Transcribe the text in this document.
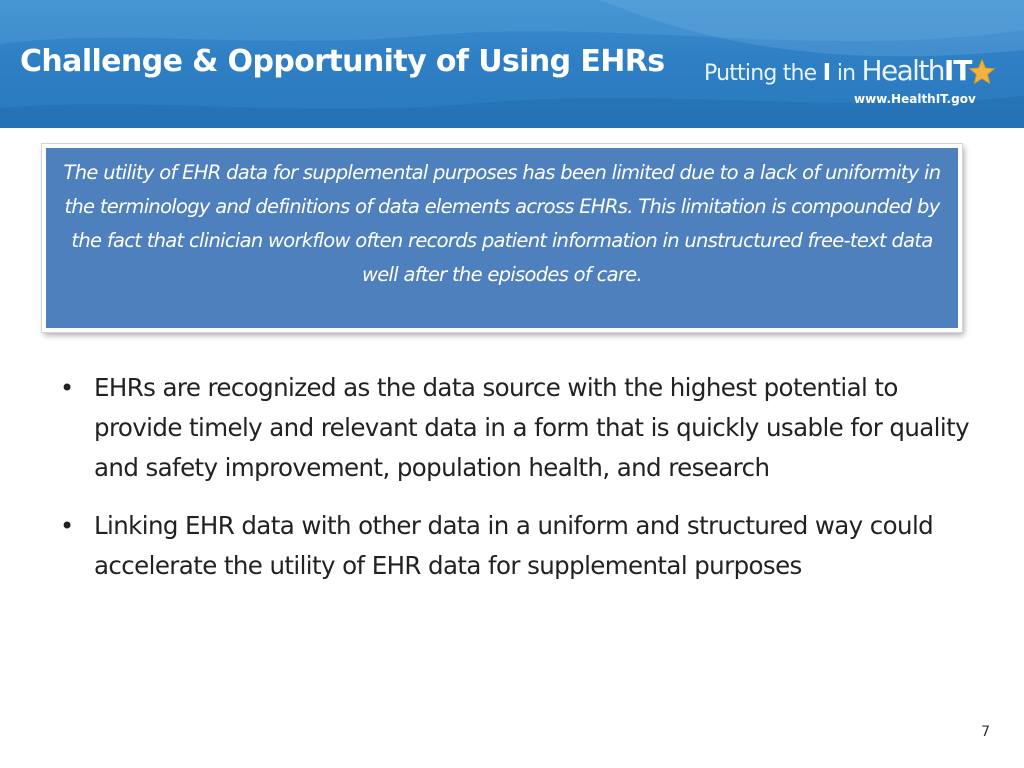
Challenge & Opportunity of Using EHRs Putting the I in HealthIT
www.HealthIT.gov

The utility of EHR data for supplemental purposes has been limited due to a lack of uniformity in the terminology and definitions of data elements across EHRs. This limitation is compounded by the fact that clinician workflow often records patient information in unstructured free-text data well after the episodes of care.

• EHRs are recognized as the data source with the highest potential to provide timely and relevant data in a form that is quickly usable for quality and safety improvement, population health, and research
• Linking EHR data with other data in a uniform and structured way could accelerate the utility of EHR data for supplemental purposes
7
